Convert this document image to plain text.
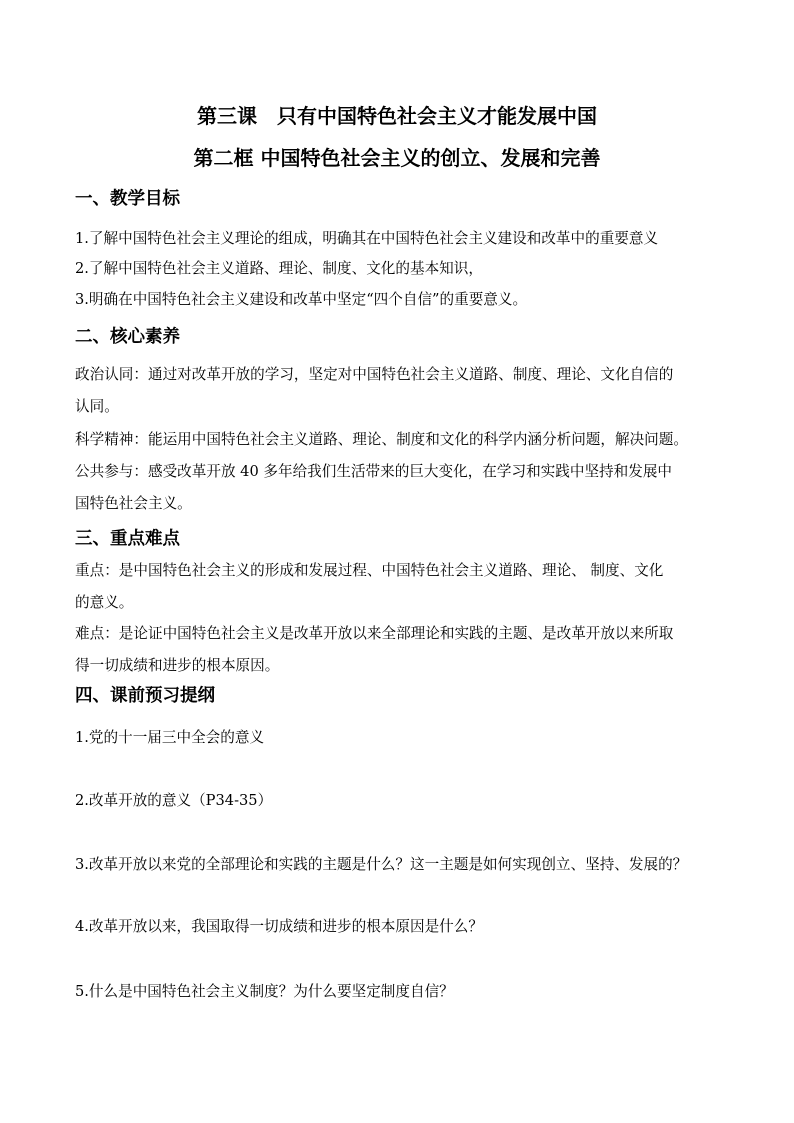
第三课　只有中国特色社会主义才能发展中国
第二框 中国特色社会主义的创立、发展和完善
一、教学目标
1.了解中国特色社会主义理论的组成，明确其在中国特色社会主义建设和改革中的重要意义
2.了解中国特色社会主义道路、理论、制度、文化的基本知识，
3.明确在中国特色社会主义建设和改革中坚定“四个自信”的重要意义。
二、核心素养
政治认同：通过对改革开放的学习，坚定对中国特色社会主义道路、制度、理论、文化自信的
认同。
科学精神：能运用中国特色社会主义道路、理论、制度和文化的科学内涵分析问题，解决问题。
公共参与：感受改革开放 40 多年给我们生活带来的巨大变化，在学习和实践中坚持和发展中
国特色社会主义。
三、重点难点
重点：是中国特色社会主义的形成和发展过程、中国特色社会主义道路、理论、 制度、文化
的意义。
难点：是论证中国特色社会主义是改革开放以来全部理论和实践的主题、是改革开放以来所取
得一切成绩和进步的根本原因。
四、课前预习提纲
1.党的十一届三中全会的意义
2.改革开放的意义（P34-35）
3.改革开放以来党的全部理论和实践的主题是什么？这一主题是如何实现创立、坚持、发展的？
4.改革开放以来，我国取得一切成绩和进步的根本原因是什么？
5.什么是中国特色社会主义制度？为什么要坚定制度自信？
